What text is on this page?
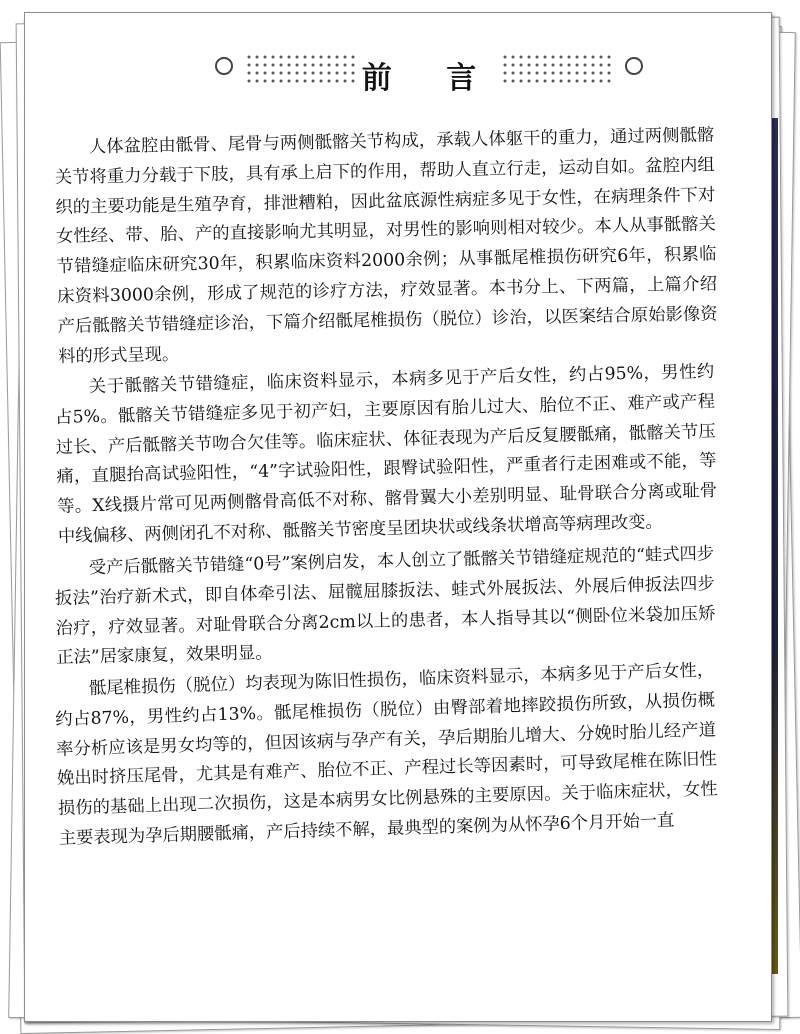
前 言

人体盆腔由骶骨、尾骨与两侧骶髂关节构成，承载人体躯干的重力，通过两侧骶髂关节将重力分载于下肢，具有承上启下的作用，帮助人直立行走，运动自如。盆腔内组织的主要功能是生殖孕育，排泄糟粕，因此盆底源性病症多见于女性，在病理条件下对女性经、带、胎、产的直接影响尤其明显，对男性的影响则相对较少。本人从事骶髂关节错缝症临床研究30年，积累临床资料2000余例；从事骶尾椎损伤研究6年，积累临床资料3000余例，形成了规范的诊疗方法，疗效显著。本书分上、下两篇，上篇介绍产后骶髂关节错缝症诊治，下篇介绍骶尾椎损伤（脱位）诊治，以医案结合原始影像资料的形式呈现。

关于骶髂关节错缝症，临床资料显示，本病多见于产后女性，约占95%，男性约占5%。骶髂关节错缝症多见于初产妇，主要原因有胎儿过大、胎位不正、难产或产程过长、产后骶髂关节吻合欠佳等。临床症状、体征表现为产后反复腰骶痛，骶髂关节压痛，直腿抬高试验阳性，“4”字试验阳性，跟臀试验阳性，严重者行走困难或不能，等等。X线摄片常可见两侧髂骨高低不对称、髂骨翼大小差别明显、耻骨联合分离或耻骨中线偏移、两侧闭孔不对称、骶髂关节密度呈团块状或线条状增高等病理改变。

受产后骶髂关节错缝“0号”案例启发，本人创立了骶髂关节错缝症规范的“蛙式四步扳法”治疗新术式，即自体牵引法、屈髋屈膝扳法、蛙式外展扳法、外展后伸扳法四步治疗，疗效显著。对耻骨联合分离2cm以上的患者，本人指导其以“侧卧位米袋加压矫正法”居家康复，效果明显。

骶尾椎损伤（脱位）均表现为陈旧性损伤，临床资料显示，本病多见于产后女性，约占87%，男性约占13%。骶尾椎损伤（脱位）由臀部着地摔跤损伤所致，从损伤概率分析应该是男女均等的，但因该病与孕产有关，孕后期胎儿增大、分娩时胎儿经产道娩出时挤压尾骨，尤其是有难产、胎位不正、产程过长等因素时，可导致尾椎在陈旧性损伤的基础上出现二次损伤，这是本病男女比例悬殊的主要原因。关于临床症状，女性主要表现为孕后期腰骶痛，产后持续不解，最典型的案例为从怀孕6个月开始一直
